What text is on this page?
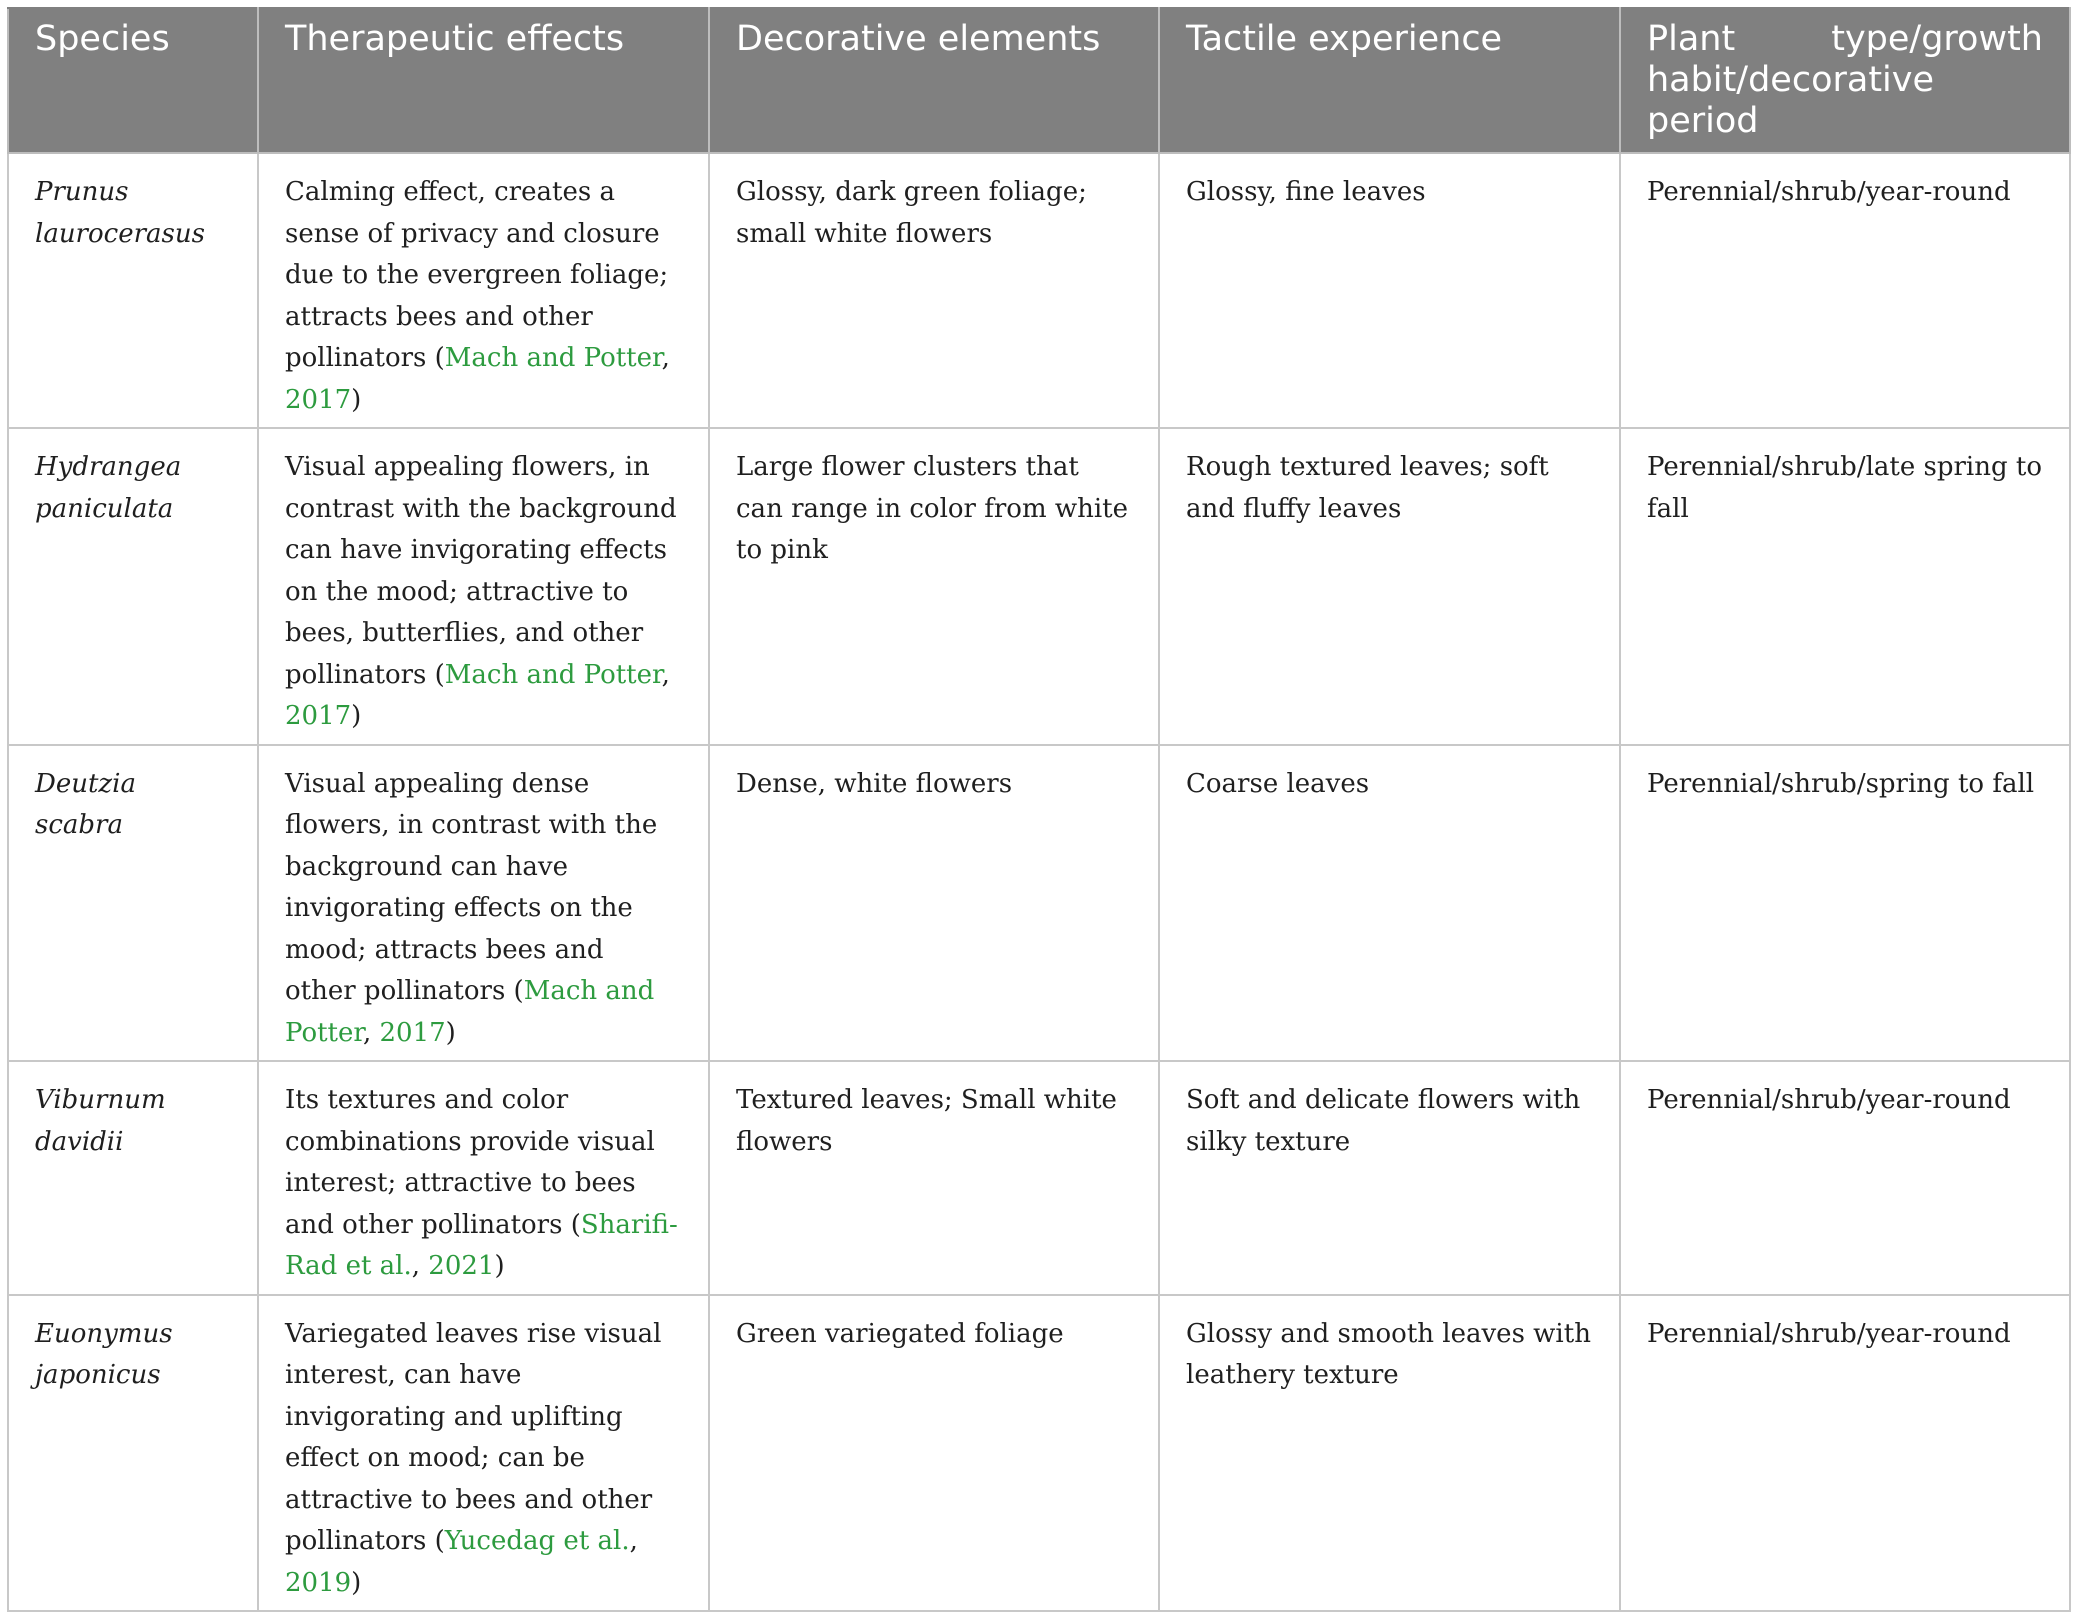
Species	Therapeutic effects	Decorative elements	Tactile experience	Plant type/growth habit/decorative period
Prunus laurocerasus	Calming effect, creates a sense of privacy and closure due to the evergreen foliage; attracts bees and other pollinators (Mach and Potter, 2017)	Glossy, dark green foliage; small white flowers	Glossy, fine leaves	Perennial/shrub/year-round
Hydrangea paniculata	Visual appealing flowers, in contrast with the background can have invigorating effects on the mood; attractive to bees, butterflies, and other pollinators (Mach and Potter, 2017)	Large flower clusters that can range in color from white to pink	Rough textured leaves; soft and fluffy leaves	Perennial/shrub/late spring to fall
Deutzia scabra	Visual appealing dense flowers, in contrast with the background can have invigorating effects on the mood; attracts bees and other pollinators (Mach and Potter, 2017)	Dense, white flowers	Coarse leaves	Perennial/shrub/spring to fall
Viburnum davidii	Its textures and color combinations provide visual interest; attractive to bees and other pollinators (Sharifi-Rad et al., 2021)	Textured leaves; Small white flowers	Soft and delicate flowers with silky texture	Perennial/shrub/year-round
Euonymus japonicus	Variegated leaves rise visual interest, can have invigorating and uplifting effect on mood; can be attractive to bees and other pollinators (Yucedag et al., 2019)	Green variegated foliage	Glossy and smooth leaves with leathery texture	Perennial/shrub/year-round
